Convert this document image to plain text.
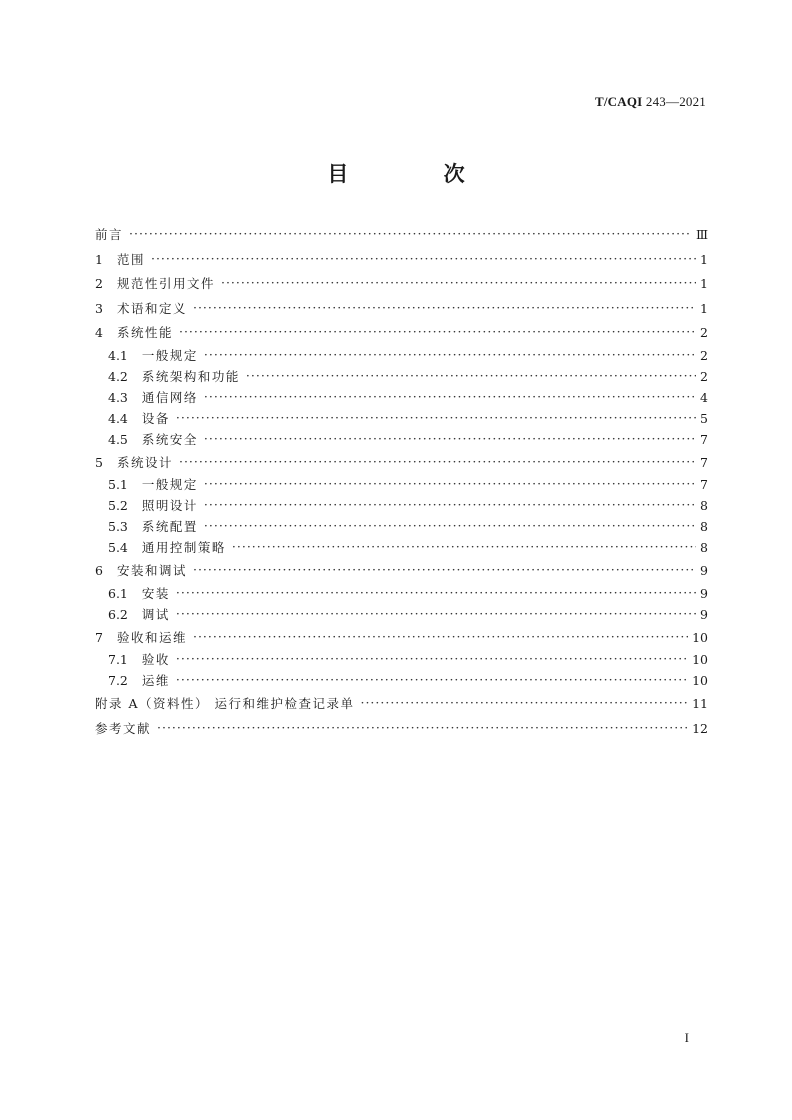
T/CAQI 243—2021
目 次
前言 ·····	Ⅲ
1 范围 ·····	1
2 规范性引用文件 ·····	1
3 术语和定义 ·····	1
4 系统性能 ·····	2
4.1 一般规定 ·····	2
4.2 系统架构和功能 ·····	2
4.3 通信网络 ·····	4
4.4 设备 ·····	5
4.5 系统安全 ·····	7
5 系统设计 ·····	7
5.1 一般规定 ·····	7
5.2 照明设计 ·····	8
5.3 系统配置 ·····	8
5.4 通用控制策略 ·····	8
6 安装和调试 ·····	9
6.1 安装 ·····	9
6.2 调试 ·····	9
7 验收和运维 ·····	10
7.1 验收 ·····	10
7.2 运维 ·····	10
附录 A（资料性） 运行和维护检查记录单 ·····	11
参考文献 ·····	12
I
